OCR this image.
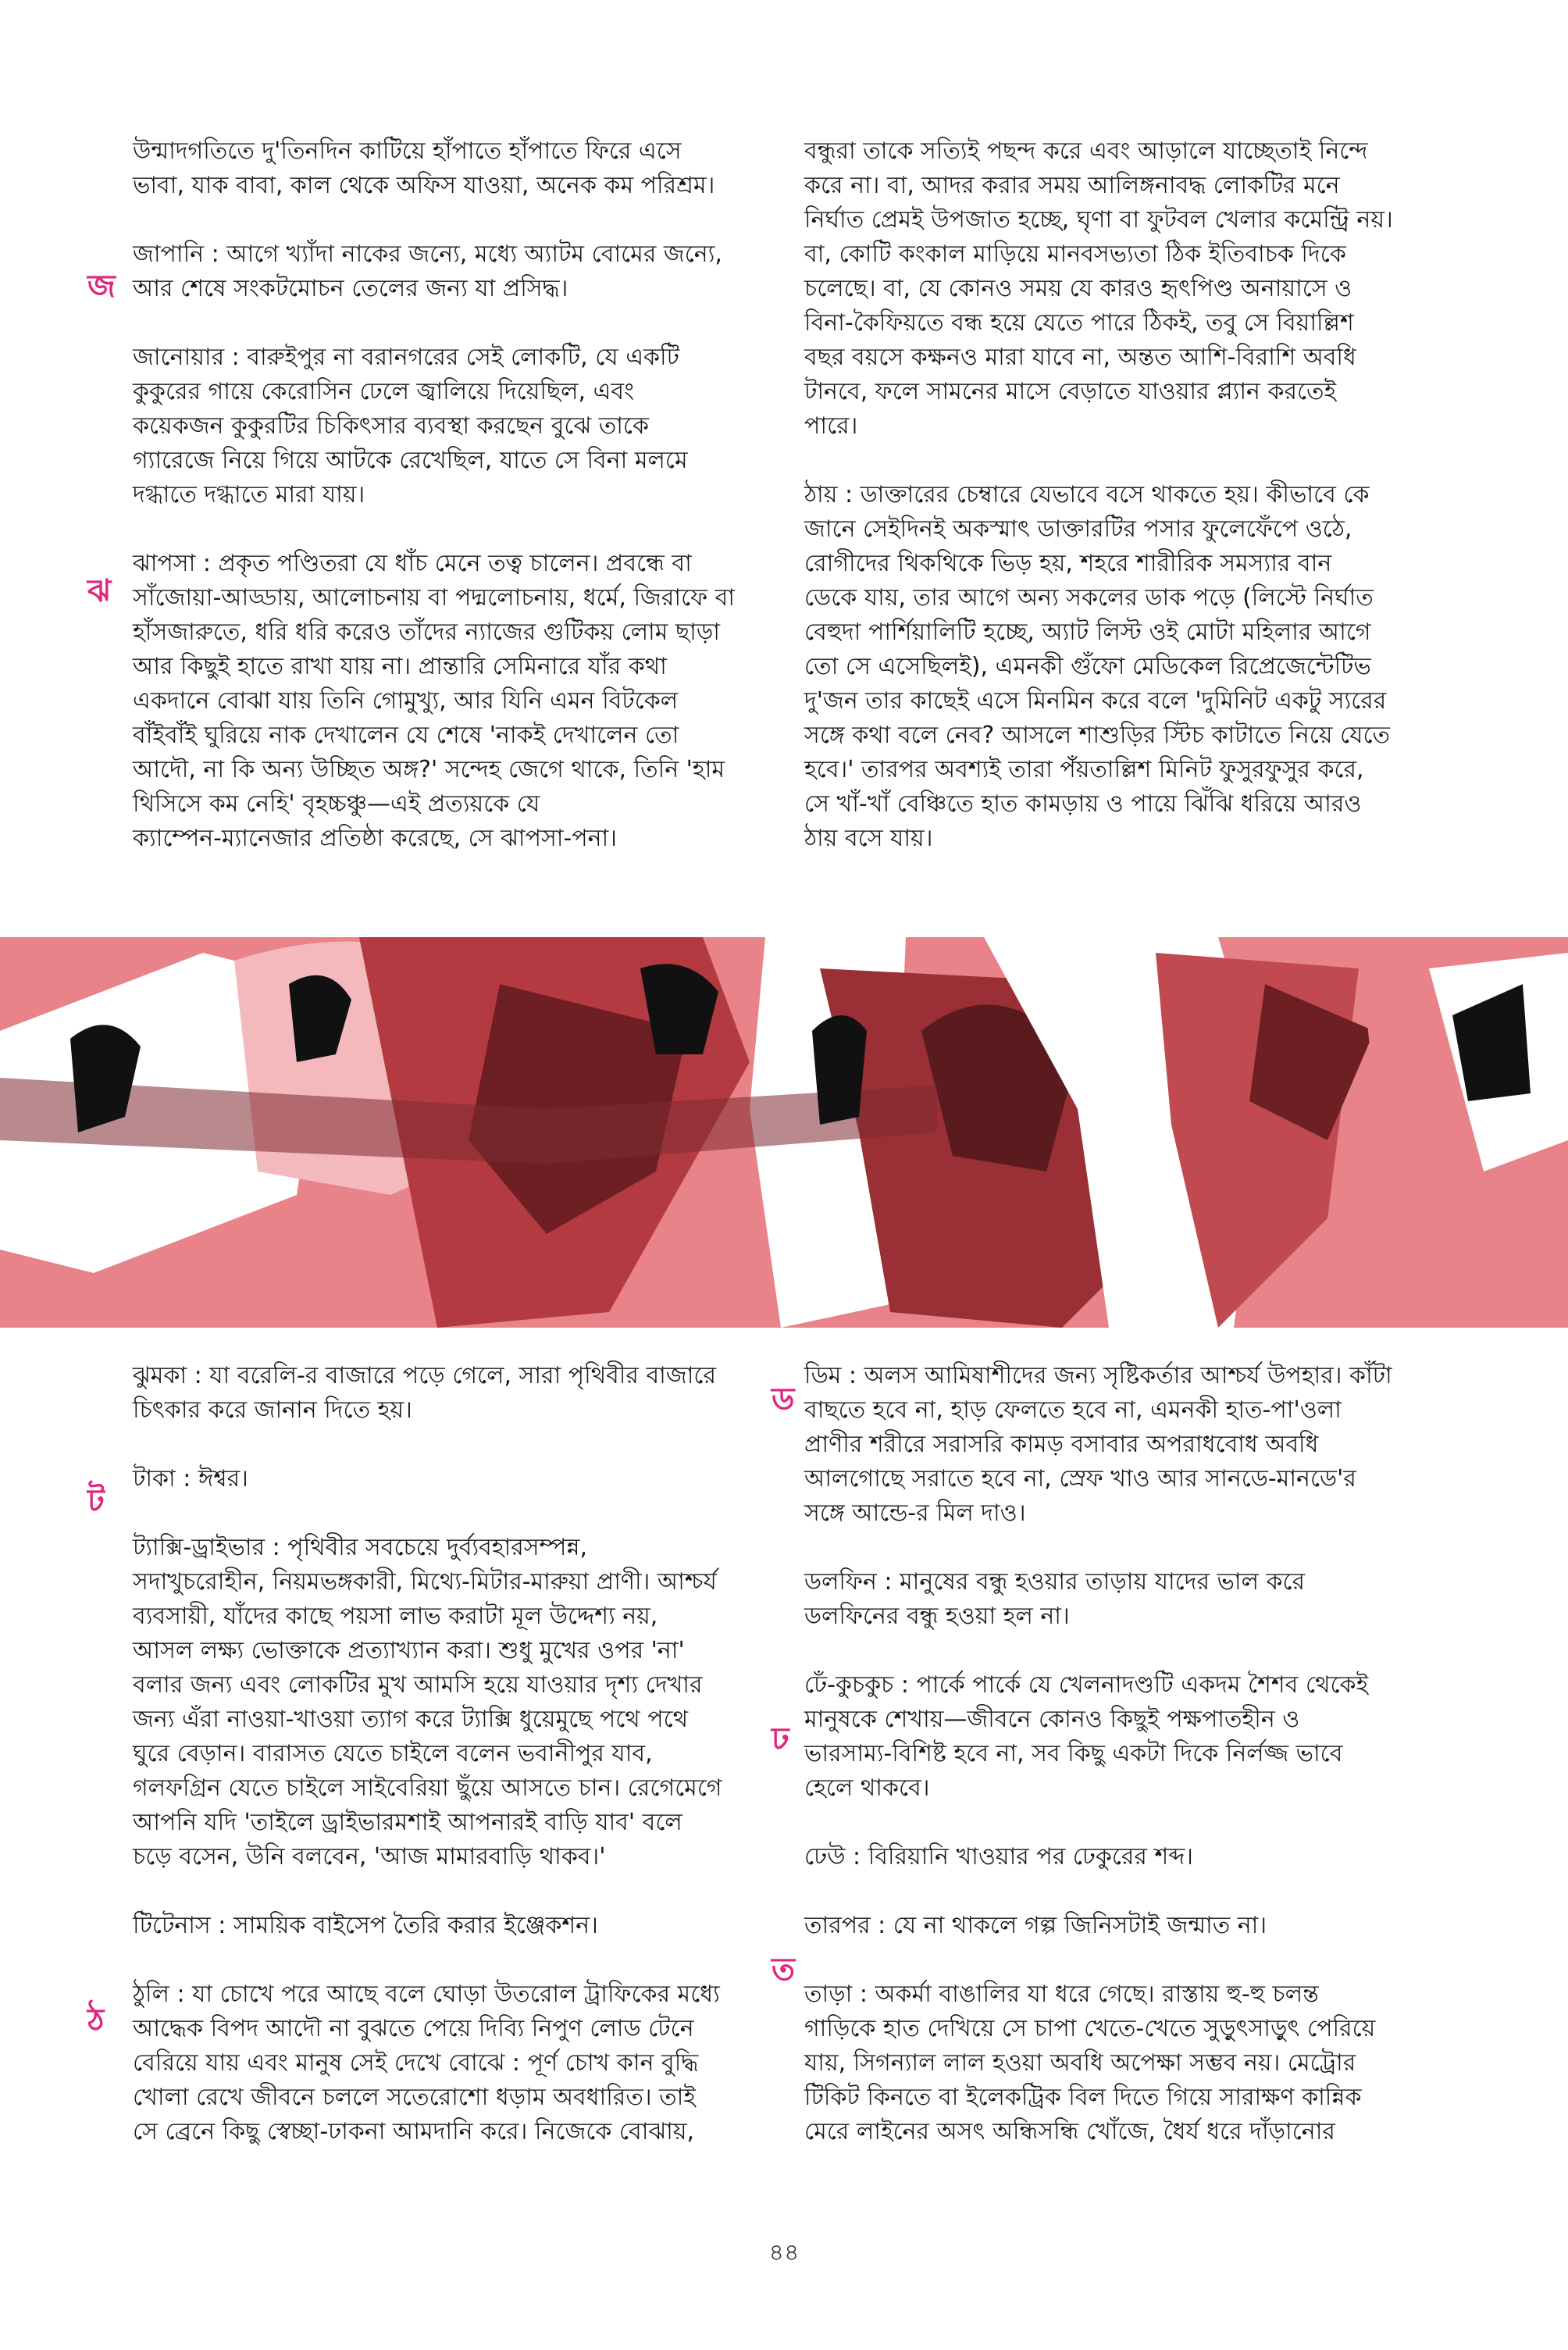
জ
ঝ
ট
ঠ
ড
ঢ
ত

উন্মাদগতিতে দু'তিনদিন কাটিয়ে হাঁপাতে হাঁপাতে ফিরে এসে
ভাবা, যাক বাবা, কাল থেকে অফিস যাওয়া, অনেক কম পরিশ্রম।

জাপানি : আগে খ্যাঁদা নাকের জন্যে, মধ্যে অ্যাটম বোমের জন্যে,
আর শেষে সংকটমোচন তেলের জন্য যা প্রসিদ্ধ।

জানোয়ার : বারুইপুর না বরানগরের সেই লোকটি, যে একটি
কুকুরের গায়ে কেরোসিন ঢেলে জ্বালিয়ে দিয়েছিল, এবং
কয়েকজন কুকুরটির চিকিৎসার ব্যবস্থা করছেন বুঝে তাকে
গ্যারেজে নিয়ে গিয়ে আটকে রেখেছিল, যাতে সে বিনা মলমে
দগ্ধাতে দগ্ধাতে মারা যায়।

ঝাপসা : প্রকৃত পণ্ডিতরা যে ধাঁচ মেনে তত্ব চালেন। প্রবন্ধে বা
সাঁজোয়া-আড্ডায়, আলোচনায় বা পদ্মলোচনায়, ধর্মে, জিরাফে বা
হাঁসজারুতে, ধরি ধরি করেও তাঁদের ন্যাজের গুটিকয় লোম ছাড়া
আর কিছুই হাতে রাখা যায় না। প্রান্তারি সেমিনারে যাঁর কথা
একদানে বোঝা যায় তিনি গোমুখ্যু, আর যিনি এমন বিটকেল
বাঁইবাঁই ঘুরিয়ে নাক দেখালেন যে শেষে 'নাকই দেখালেন তো
আদৌ, না কি অন্য উচ্ছিত অঙ্গ?' সন্দেহ জেগে থাকে, তিনি 'হাম
থিসিসে কম নেহি' বৃহচ্চঞ্চু—এই প্রত্যয়কে যে
ক্যাম্পেন-ম্যানেজার প্রতিষ্ঠা করেছে, সে ঝাপসা-পনা।

বন্ধুরা তাকে সত্যিই পছন্দ করে এবং আড়ালে যাচ্ছেতাই নিন্দে
করে না। বা, আদর করার সময় আলিঙ্গনাবদ্ধ লোকটির মনে
নির্ঘাত প্রেমই উপজাত হচ্ছে, ঘৃণা বা ফুটবল খেলার কমেন্ট্রি নয়।
বা, কোটি কংকাল মাড়িয়ে মানবসভ্যতা ঠিক ইতিবাচক দিকে
চলেছে। বা, যে কোনও সময় যে কারও হৃৎপিণ্ড অনায়াসে ও
বিনা-কৈফিয়তে বন্ধ হয়ে যেতে পারে ঠিকই, তবু সে বিয়াল্লিশ
বছর বয়সে কক্ষনও মারা যাবে না, অন্তত আশি-বিরাশি অবধি
টানবে, ফলে সামনের মাসে বেড়াতে যাওয়ার প্ল্যান করতেই
পারে।

ঠায় : ডাক্তারের চেম্বারে যেভাবে বসে থাকতে হয়। কীভাবে কে
জানে সেইদিনই অকস্মাৎ ডাক্তারটির পসার ফুলেফেঁপে ওঠে,
রোগীদের থিকথিকে ভিড় হয়, শহরে শারীরিক সমস্যার বান
ডেকে যায়, তার আগে অন্য সকলের ডাক পড়ে (লিস্টে নির্ঘাত
বেহুদা পার্শিয়ালিটি হচ্ছে, অ্যাট লিস্ট ওই মোটা মহিলার আগে
তো সে এসেছিলই), এমনকী গুঁফো মেডিকেল রিপ্রেজেন্টেটিভ
দু'জন তার কাছেই এসে মিনমিন করে বলে 'দুমিনিট একটু স্যরের
সঙ্গে কথা বলে নেব? আসলে শাশুড়ির স্টিচ কাটাতে নিয়ে যেতে
হবে।' তারপর অবশ্যই তারা পঁয়তাল্লিশ মিনিট ফুসুরফুসুর করে,
সে খাঁ-খাঁ বেঞ্চিতে হাত কামড়ায় ও পায়ে ঝিঁঝি ধরিয়ে আরও
ঠায় বসে যায়।

ঝুমকা : যা বরেলি-র বাজারে পড়ে গেলে, সারা পৃথিবীর বাজারে
চিৎকার করে জানান দিতে হয়।

টাকা : ঈশ্বর।

ট্যাক্সি-ড্রাইভার : পৃথিবীর সবচেয়ে দুর্ব্যবহারসম্পন্ন,
সদাখুচরোহীন, নিয়মভঙ্গকারী, মিথ্যে-মিটার-মারুয়া প্রাণী। আশ্চর্য
ব্যবসায়ী, যাঁদের কাছে পয়সা লাভ করাটা মূল উদ্দেশ্য নয়,
আসল লক্ষ্য ভোক্তাকে প্রত্যাখ্যান করা। শুধু মুখের ওপর 'না'
বলার জন্য এবং লোকটির মুখ আমসি হয়ে যাওয়ার দৃশ্য দেখার
জন্য এঁরা নাওয়া-খাওয়া ত্যাগ করে ট্যাক্সি ধুয়েমুছে পথে পথে
ঘুরে বেড়ান। বারাসত যেতে চাইলে বলেন ভবানীপুর যাব,
গলফগ্রিন যেতে চাইলে সাইবেরিয়া ছুঁয়ে আসতে চান। রেগেমেগে
আপনি যদি 'তাইলে ড্রাইভারমশাই আপনারই বাড়ি যাব' বলে
চড়ে বসেন, উনি বলবেন, 'আজ মামারবাড়ি থাকব।'

টিটেনাস : সাময়িক বাইসেপ তৈরি করার ইঞ্জেকশন।

ঠুলি : যা চোখে পরে আছে বলে ঘোড়া উতরোল ট্রাফিকের মধ্যে
আদ্ধেক বিপদ আদৌ না বুঝতে পেয়ে দিব্যি নিপুণ লোড টেনে
বেরিয়ে যায় এবং মানুষ সেই দেখে বোঝে : পূর্ণ চোখ কান বুদ্ধি
খোলা রেখে জীবনে চললে সতেরোশো ধড়াম অবধারিত। তাই
সে ব্রেনে কিছু স্বেচ্ছা-ঢাকনা আমদানি করে। নিজেকে বোঝায়,

ডিম : অলস আমিষাশীদের জন্য সৃষ্টিকর্তার আশ্চর্য উপহার। কাঁটা
বাছতে হবে না, হাড় ফেলতে হবে না, এমনকী হাত-পা'ওলা
প্রাণীর শরীরে সরাসরি কামড় বসাবার অপরাধবোধ অবধি
আলগোছে সরাতে হবে না, স্রেফ খাও আর সানডে-মানডে'র
সঙ্গে আন্ডে-র মিল দাও।

ডলফিন : মানুষের বন্ধু হওয়ার তাড়ায় যাদের ভাল করে
ডলফিনের বন্ধু হওয়া হল না।

ঢেঁ-কুচকুচ : পার্কে পার্কে যে খেলনাদণ্ডটি একদম শৈশব থেকেই
মানুষকে শেখায়—জীবনে কোনও কিছুই পক্ষপাতহীন ও
ভারসাম্য-বিশিষ্ট হবে না, সব কিছু একটা দিকে নির্লজ্জ ভাবে
হেলে থাকবে।

ঢেউ : বিরিয়ানি খাওয়ার পর ঢেকুরের শব্দ।

তারপর : যে না থাকলে গল্প জিনিসটাই জন্মাত না।

তাড়া : অকর্মা বাঙালির যা ধরে গেছে। রাস্তায় হু-হু চলন্ত
গাড়িকে হাত দেখিয়ে সে চাপা খেতে-খেতে সুড়ুৎসাড়ুৎ পেরিয়ে
যায়, সিগন্যাল লাল হওয়া অবধি অপেক্ষা সম্ভব নয়। মেট্রোর
টিকিট কিনতে বা ইলেকট্রিক বিল দিতে গিয়ে সারাক্ষণ কান্নিক
মেরে লাইনের অসৎ অন্ধিসন্ধি খোঁজে, ধৈর্য ধরে দাঁড়ানোর

৪৪
